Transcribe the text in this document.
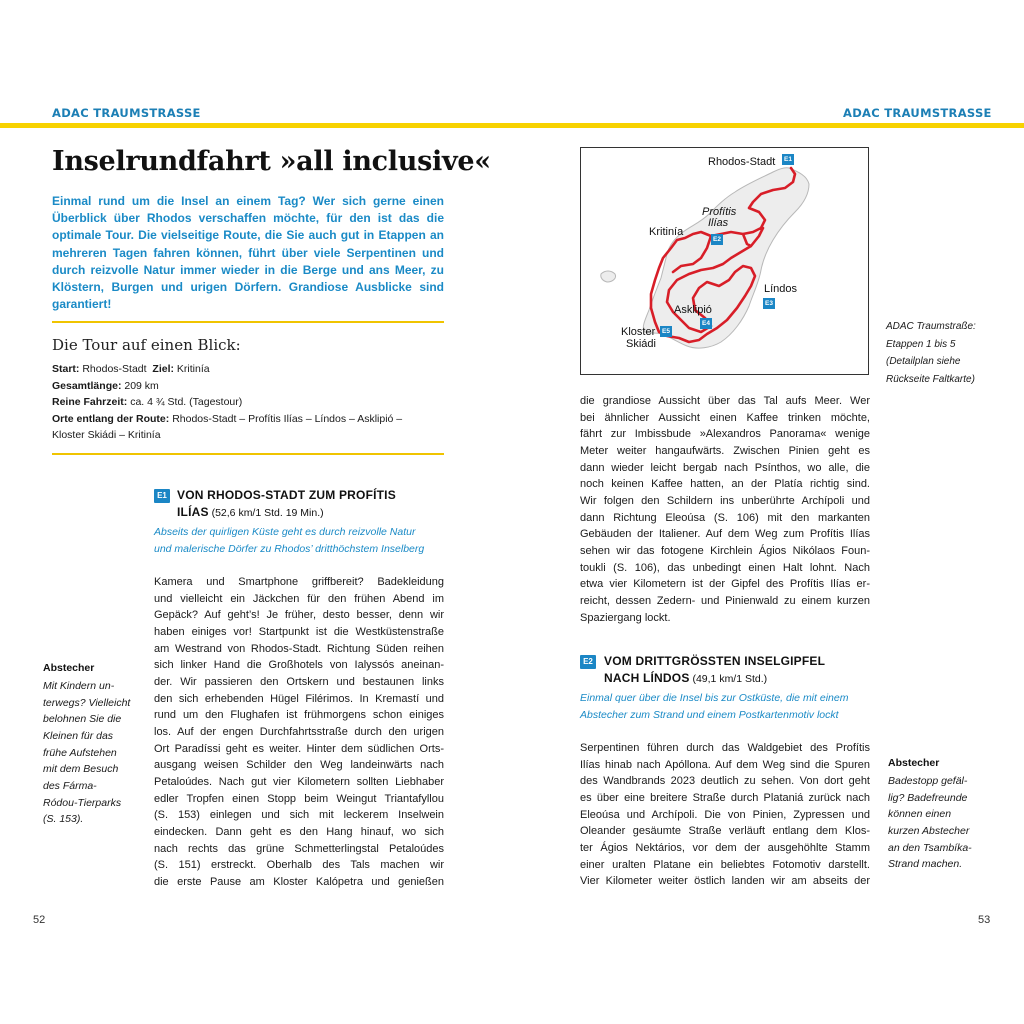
ADAC TRAUMSTRASSE	ADAC TRAUMSTRASSE
Inselrundfahrt »all inclusive«
Einmal rund um die Insel an einem Tag? Wer sich gerne einen Überblick über Rhodos verschaffen möchte, für den ist das die optimale Tour. Die vielseitige Route, die Sie auch gut in Etappen an mehreren Tagen fahren können, führt über viele Serpentinen und durch reizvolle Natur immer wieder in die Berge und ans Meer, zu Klöstern, Burgen und urigen Dörfern. Grandiose Ausblicke sind garantiert!
Die Tour auf einen Blick:
Start: Rhodos-Stadt Ziel: Kritinía
Gesamtlänge: 209 km
Reine Fahrzeit: ca. 4 ¾ Std. (Tagestour)
Orte entlang der Route: Rhodos-Stadt – Profítis Ilías – Líndos – Asklipió –
Kloster Skiádi – Kritinía
E1 VON RHODOS-STADT ZUM PROFÍTIS
ILÍAS (52,6 km/1 Std. 19 Min.)
Abseits der quirligen Küste geht es durch reizvolle Natur
und malerische Dörfer zu Rhodos’ dritthöchstem Inselberg
Kamera und Smartphone griffbereit? Badekleidung
und vielleicht ein Jäckchen für den frühen Abend im
Gepäck? Auf geht’s! Je früher, desto besser, denn wir
haben einiges vor! Startpunkt ist die Westküstenstraße
am Westrand von Rhodos-Stadt. Richtung Süden reihen
sich linker Hand die Großhotels von Ialyssós aneinan-
der. Wir passieren den Ortskern und bestaunen links
den sich erhebenden Hügel Filérimos. In Kremastí und
rund um den Flughafen ist frühmorgens schon einiges
los. Auf der engen Durchfahrtsstraße durch den urigen
Ort Paradíssi geht es weiter. Hinter dem südlichen Orts-
ausgang weisen Schilder den Weg landeinwärts nach
Petaloúdes. Nach gut vier Kilometern sollten Liebhaber
edler Tropfen einen Stopp beim Weingut Triantafyllou
(S. 153) einlegen und sich mit leckerem Inselwein
eindecken. Dann geht es den Hang hinauf, wo sich
nach rechts das grüne Schmetterlingstal Petaloúdes
(S. 151) erstreckt. Oberhalb des Tals machen wir
die erste Pause am Kloster Kalópetra und genießen
Abstecher
Mit Kindern un-
terwegs? Vielleicht
belohnen Sie die
Kleinen für das
frühe Aufstehen
mit dem Besuch
des Fárma-
Ródou-Tierparks
(S. 153).
52
Rhodos-Stadt	E1
Profítis
Ilías
E2
Kritinía
Líndos
E3
Asklipió
E4
Kloster
Skiádi
E5	ADAC Traumstraße:
Etappen 1 bis 5
(Detailplan siehe
Rückseite Faltkarte)
die grandiose Aussicht über das Tal aufs Meer. Wer
bei ähnlicher Aussicht einen Kaffee trinken möchte,
fährt zur Imbissbude »Alexandros Panorama« wenige
Meter weiter hangaufwärts. Zwischen Pinien geht es
dann wieder leicht bergab nach Psínthos, wo alle, die
noch keinen Kaffee hatten, an der Platía richtig sind.
Wir folgen den Schildern ins unberührte Archípoli und
dann Richtung Eleoúsa (S. 106) mit den markanten
Gebäuden der Italiener. Auf dem Weg zum Profítis Ilías
sehen wir das fotogene Kirchlein Ágios Nikólaos Foun-
toukli (S. 106), das unbedingt einen Halt lohnt. Nach
etwa vier Kilometern ist der Gipfel des Profítis Ilías er-
reicht, dessen Zedern- und Pinienwald zu einem kurzen
Spaziergang lockt.
E2 VOM DRITTGRÖSSTEN INSELGIPFEL
NACH LÍNDOS (49,1 km/1 Std.)
Einmal quer über die Insel bis zur Ostküste, die mit einem
Abstecher zum Strand und einem Postkartenmotiv lockt
Serpentinen führen durch das Waldgebiet des Profítis
Ilías hinab nach Apóllona. Auf dem Weg sind die Spuren
des Wandbrands 2023 deutlich zu sehen. Von dort geht
es über eine breitere Straße durch Plataniá zurück nach
Eleoúsa und Archípoli. Die von Pinien, Zypressen und
Oleander gesäumte Straße verläuft entlang dem Klos-
ter Ágios Nektários, vor dem der ausgehöhlte Stamm
einer uralten Platane ein beliebtes Fotomotiv darstellt.
Vier Kilometer weiter östlich landen wir am abseits der
Abstecher
Badestopp gefäl-
lig? Badefreunde
können einen
kurzen Abstecher
an den Tsambíka-
Strand machen.
53
